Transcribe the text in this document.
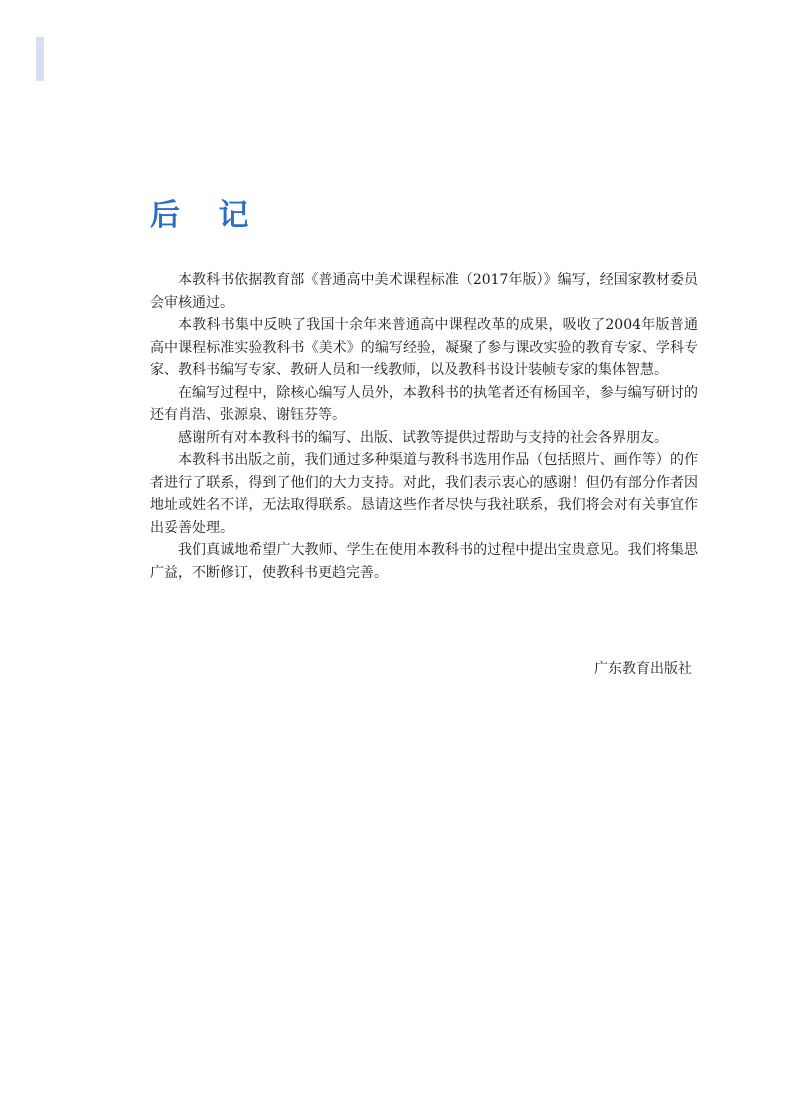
后 记

本教科书依据教育部《普通高中美术课程标准（2017年版）》编写，经国家教材委员会审核通过。

本教科书集中反映了我国十余年来普通高中课程改革的成果，吸收了2004年版普通高中课程标准实验教科书《美术》的编写经验，凝聚了参与课改实验的教育专家、学科专家、教科书编写专家、教研人员和一线教师，以及教科书设计装帧专家的集体智慧。

在编写过程中，除核心编写人员外，本教科书的执笔者还有杨国辛，参与编写研讨的还有肖浩、张源泉、谢钰芬等。

感谢所有对本教科书的编写、出版、试教等提供过帮助与支持的社会各界朋友。

本教科书出版之前，我们通过多种渠道与教科书选用作品（包括照片、画作等）的作者进行了联系，得到了他们的大力支持。对此，我们表示衷心的感谢！但仍有部分作者因地址或姓名不详，无法取得联系。恳请这些作者尽快与我社联系，我们将会对有关事宜作出妥善处理。

我们真诚地希望广大教师、学生在使用本教科书的过程中提出宝贵意见。我们将集思广益，不断修订，使教科书更趋完善。

广东教育出版社
